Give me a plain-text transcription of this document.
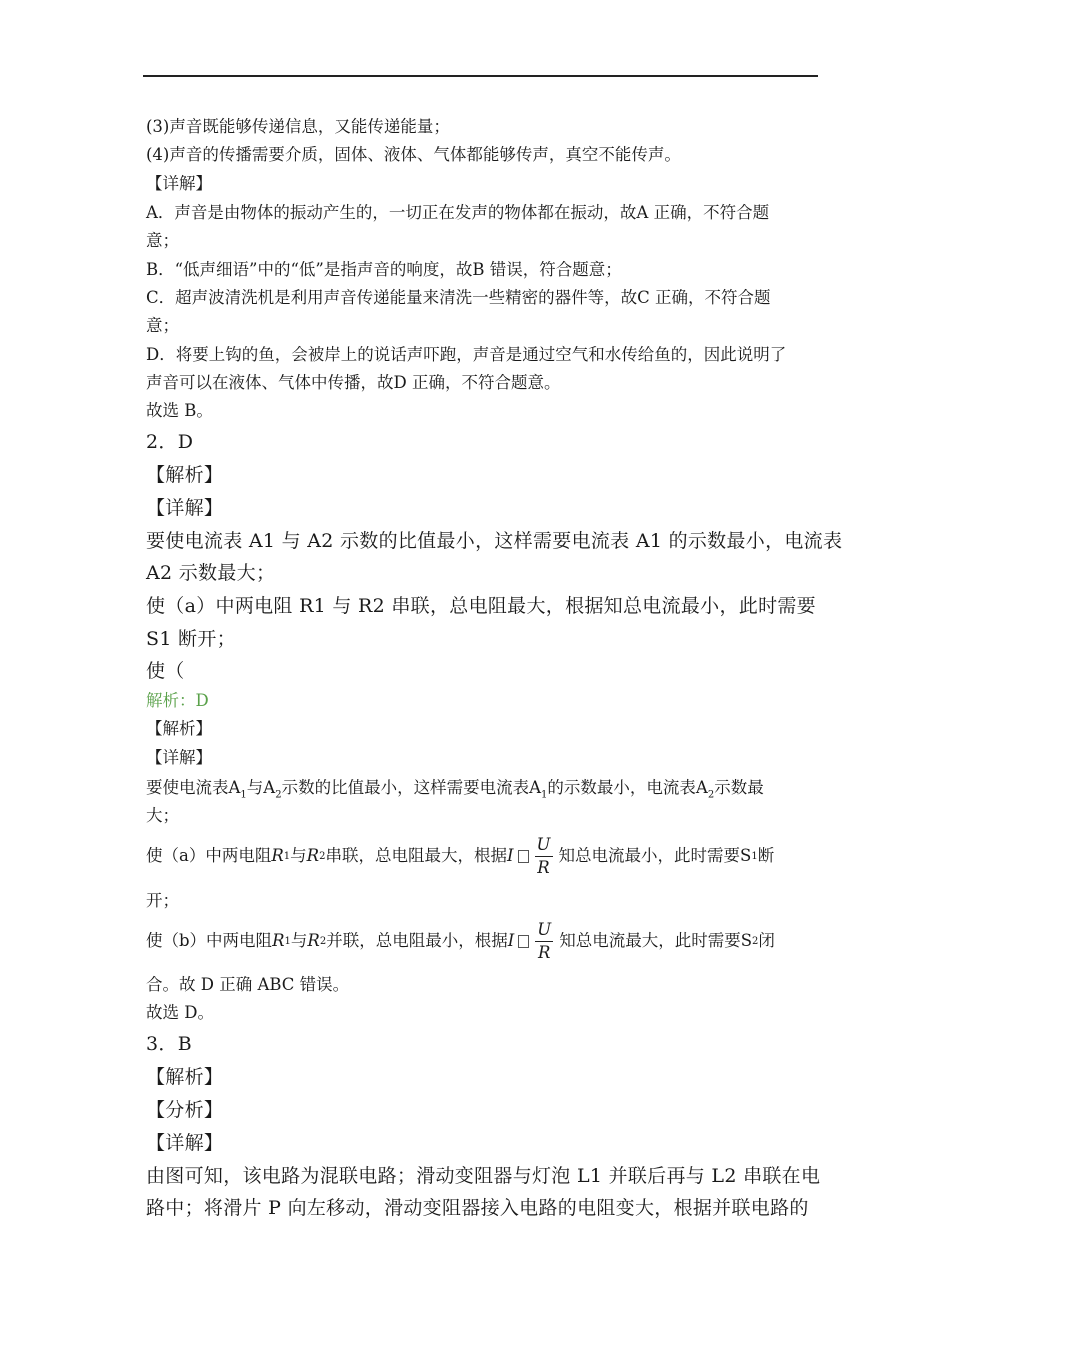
(3)声音既能够传递信息，又能传递能量；
(4)声音的传播需要介质，固体、液体、气体都能够传声，真空不能传声。
【详解】
A．声音是由物体的振动产生的，一切正在发声的物体都在振动，故A 正确，不符合题
意；
B．“低声细语”中的“低”是指声音的响度，故B 错误，符合题意；
C．超声波清洗机是利用声音传递能量来清洗一些精密的器件等，故C 正确，不符合题
意；
D．将要上钩的鱼，会被岸上的说话声吓跑，声音是通过空气和水传给鱼的，因此说明了
声音可以在液体、气体中传播，故D 正确，不符合题意。
故选 B。
2．D
【解析】
【详解】
要使电流表 A1 与 A2 示数的比值最小，这样需要电流表 A1 的示数最小，电流表
A2 示数最大；
使（a）中两电阻 R1 与 R2 串联，总电阻最大，根据知总电流最小，此时需要
S1 断开；
使（
解析：D
【解析】
【详解】
要使电流表$A_1$与$A_2$示数的比值最小，这样需要电流表$A_1$的示数最小，电流表$A_2$示数最
大；
使（a）中两电阻 R 1 与 R 2 串联，总电阻最大，根据 I $\frac{U}{R}$ 知总电流最小，此时需要S 1 断
开；
使（b）中两电阻 R 1 与 R 2 并联，总电阻最小，根据 I $\frac{U}{R}$ 知总电流最大，此时需要S 2 闭
合。故 D 正确 ABC 错误。
故选 D。
3．B
【解析】
【分析】
【详解】
由图可知，该电路为混联电路；滑动变阻器与灯泡 L1 并联后再与 L2 串联在电
路中；将滑片 P 向左移动，滑动变阻器接入电路的电阻变大，根据并联电路的
